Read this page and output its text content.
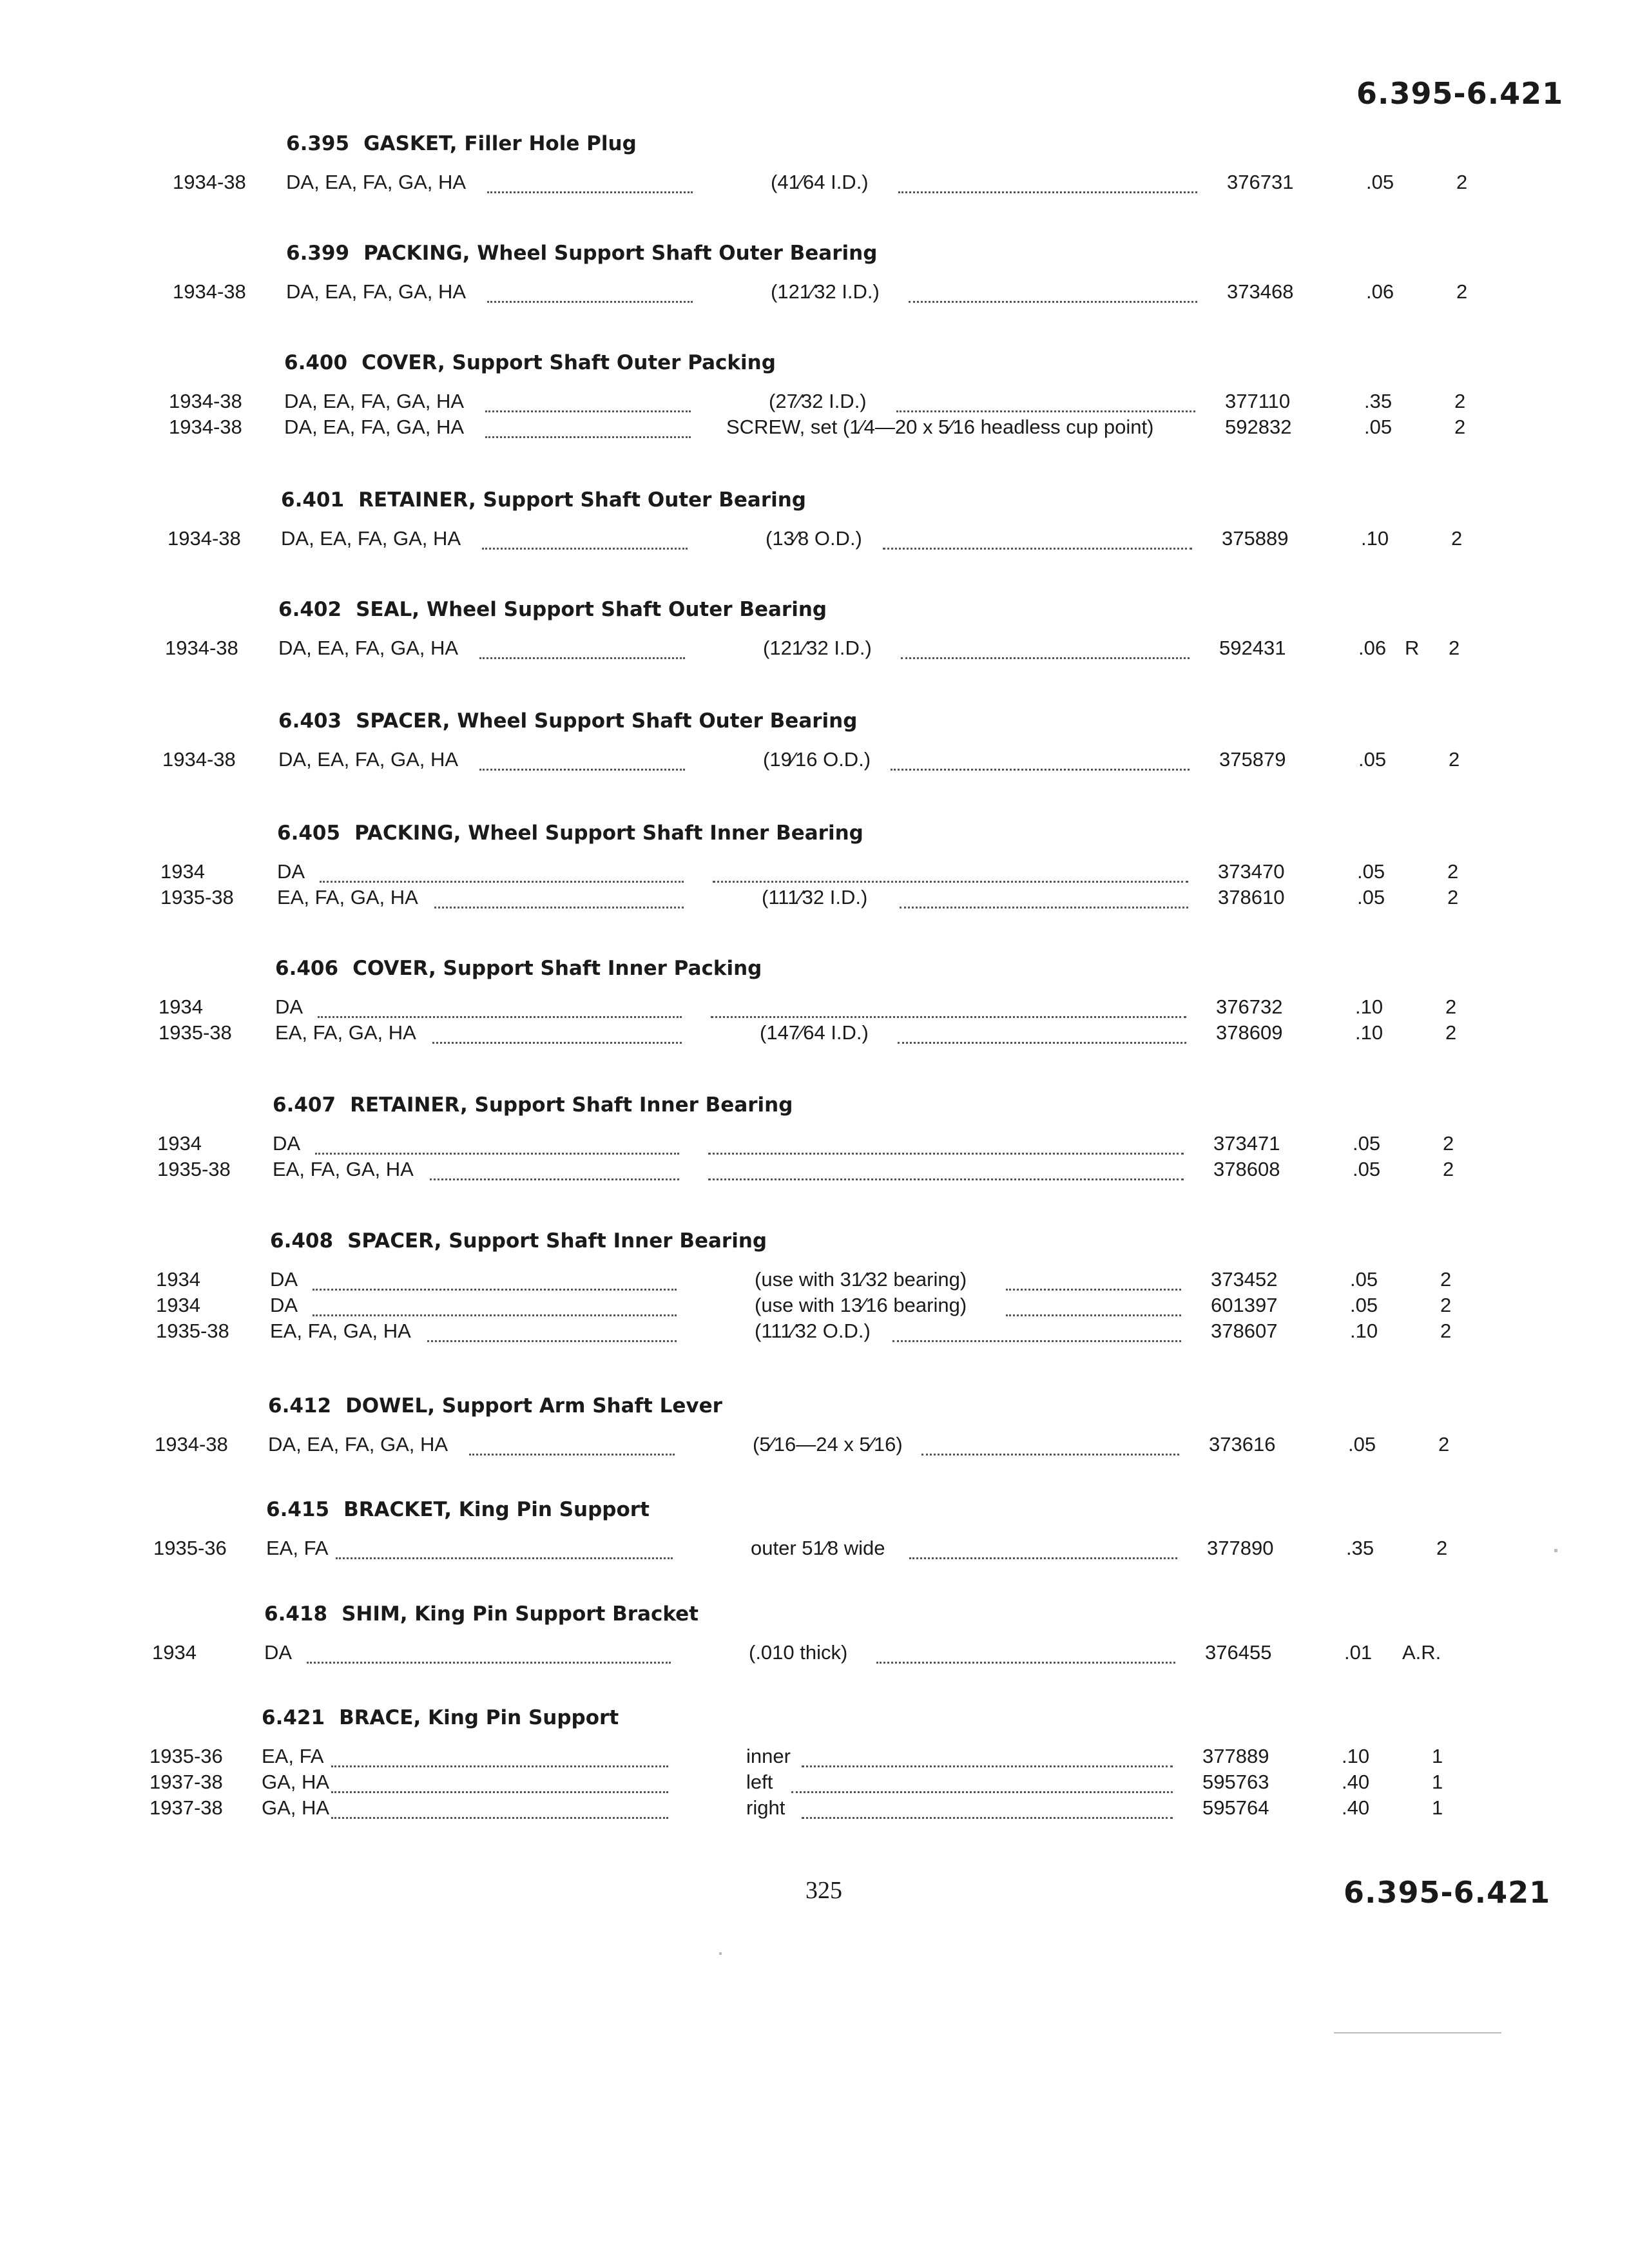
6.395-6.421
6.395 GASKET, Filler Hole Plug
1934-38 DA, EA, FA, GA, HA	(41⁄64 I.D.)	376731	.05	2
6.399 PACKING, Wheel Support Shaft Outer Bearing
1934-38 DA, EA, FA, GA, HA	(121⁄32 I.D.)	373468	.06	2
6.400 COVER, Support Shaft Outer Packing
1934-38 DA, EA, FA, GA, HA	(27⁄32 I.D.)	377110	.35	2
1934-38 DA, EA, FA, GA, HA	SCREW, set (1⁄4—20 x 5⁄16 headless cup point)	592832	.05	2
6.401 RETAINER, Support Shaft Outer Bearing
1934-38 DA, EA, FA, GA, HA	(13⁄8 O.D.)	375889	.10	2
6.402 SEAL, Wheel Support Shaft Outer Bearing
1934-38 DA, EA, FA, GA, HA	(121⁄32 I.D.)	592431	.06 R 2
6.403 SPACER, Wheel Support Shaft Outer Bearing
1934-38 DA, EA, FA, GA, HA	(19⁄16 O.D.)	375879	.05	2
6.405 PACKING, Wheel Support Shaft Inner Bearing
1934	DA	373470	.05	2
1935-38 EA, FA, GA, HA	(111⁄32 I.D.)	378610	.05	2
6.406 COVER, Support Shaft Inner Packing
1934	DA	376732	.10	2
1935-38 EA, FA, GA, HA	(147⁄64 I.D.)	378609	.10	2
6.407 RETAINER, Support Shaft Inner Bearing
1934	DA	373471	.05	2
1935-38 EA, FA, GA, HA	378608	.05	2
6.408 SPACER, Support Shaft Inner Bearing
1934	DA	(use with 31⁄32 bearing)	373452	.05	2
1934	DA	(use with 13⁄16 bearing)	601397	.05	2
1935-38 EA, FA, GA, HA	(111⁄32 O.D.)	378607	.10	2
6.412 DOWEL, Support Arm Shaft Lever
1934-38 DA, EA, FA, GA, HA	(5⁄16—24 x 5⁄16)	373616	.05	2
6.415 BRACKET, King Pin Support
1935-36 EA, FA	outer 51⁄8 wide	377890	.35	2
6.418 SHIM, King Pin Support Bracket
1934	DA	(.010 thick)	376455	.01 A.R.
6.421 BRACE, King Pin Support
1935-36 EA, FA	inner	377889	.10	1
1937-38 GA, HA	left	595763	.40	1
1937-38 GA, HA	right	595764	.40	1
325	6.395-6.421
